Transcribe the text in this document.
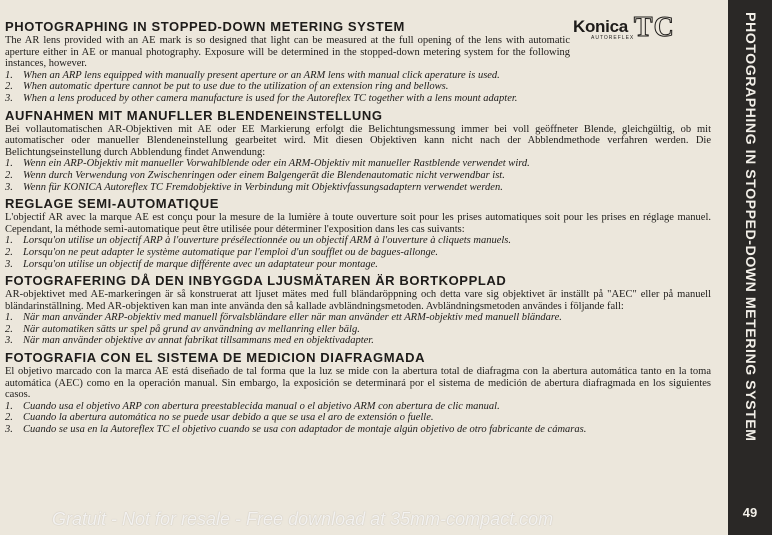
Konica
AUTOREFLEX TC
PHOTOGRAPHING IN STOPPED-DOWN METERING SYSTEM

The AR lens provided with an AE mark is so designed that light can be measured at the full opening of the lens with automatic aperture either in AE or manual photography. Exposure will be determined in the stopped-down metering system for the following instances, however.

1. When an ARP lens equipped with manually present aperture or an ARM lens with manual click aperature is used.
2. When automatic dperture cannot be put to use due to the utilization of an extension ring and bellows.
3. When a lens produced by other camera manufacture is used for the Autoreflex TC together with a lens mount adapter.
AUFNAHMEN MIT MANUFLLER BLENDENEINSTELLUNG

Bei vollautomatischen AR-Objektiven mit AE oder EE Markierung erfolgt die Belichtungsmessung immer bei voll geöffneter Blende, gleichgültig, ob mit automatischer oder manueller Blendeneinstellung gearbeitet wird. Mit diesen Objektiven kann nicht nach der Abblendmethode verfahren werden. Die Belichtungseinstellung durch Abblendung findet Anwendung:

1. Wenn ein ARP-Objektiv mit manueller Vorwahlblende oder ein ARM-Objektiv mit manueller Rastblende verwendet wird.
2. Wenn durch Verwendung von Zwischenringen oder einem Balgengerät die Blendenautomatic nicht verwendbar ist.
3. Wenn für KONICA Autoreflex TC Fremdobjektive in Verbindung mit Objektivfassungsadaptern verwendet werden.
REGLAGE SEMI-AUTOMATIQUE

L'objectif AR avec la marque AE est conçu pour la mesure de la lumière à toute ouverture soit pour les prises automatiques soit pour les prises en réglage manuel. Cependant, la méthode semi-automatique peut être utilisée pour déterminer l'exposition dans les cas suivants:

1. Lorsqu'on utilise un objectif ARP à l'ouverture présélectionnée ou un objectif ARM à l'ouverture à cliquets manuels.
2. Lorsqu'on ne peut adapter le système automatique par l'emploi d'un soufflet ou de bagues-allonge.
3. Lorsqu'on utilise un objectif de marque différente avec un adaptateur pour montage.
FOTOGRAFERING DÅ DEN INBYGGDA LJUSMÄTAREN ÄR BORTKOPPLAD

AR-objektivet med AE-markeringen är så konstruerat att ljuset mätes med full bländaröppning och detta vare sig objektivet är inställt på "AEC" eller på manuell bländarinställning. Med AR-objektiven kan man inte använda den så kallade avbländningsmetoden. Avbländningsmetoden användes i följande fall:

1. När man använder ARP-objektiv med manuell förvalsbländare eller när man använder ett ARM-objektiv med manuell bländare.
2. När automatiken sätts ur spel på grund av användning av mellanring eller bälg.
3. När man använder objektive av annat fabrikat tillsammans med en objektivadapter.
FOTOGRAFIA CON EL SISTEMA DE MEDICION DIAFRAGMADA

El objetivo marcado con la marca AE está diseñado de tal forma que la luz se mide con la abertura total de diafragma con la abertura automática tanto en la toma automática (AEC) como en la operación manual. Sin embargo, la exposición se determinará por el sistema de medición de abertura diafragmada en los siguientes casos.

1. Cuando usa el objetivo ARP con abertura preestablecida manual o el abjetivo ARM con abertura de clic manual.
2. Cuando la abertura automática no se puede usar debido a que se usa el aro de extensión o fuelle.
3. Cuando se usa en la Autoreflex TC el objetivo cuando se usa con adaptador de montaje algún objetivo de otro fabricante de cámaras.	PHOTOGRAPHING IN STOPPED-DOWN METERING SYSTEM
49
Gratuit - Not for resale - Free download at 35mm-compact.com
